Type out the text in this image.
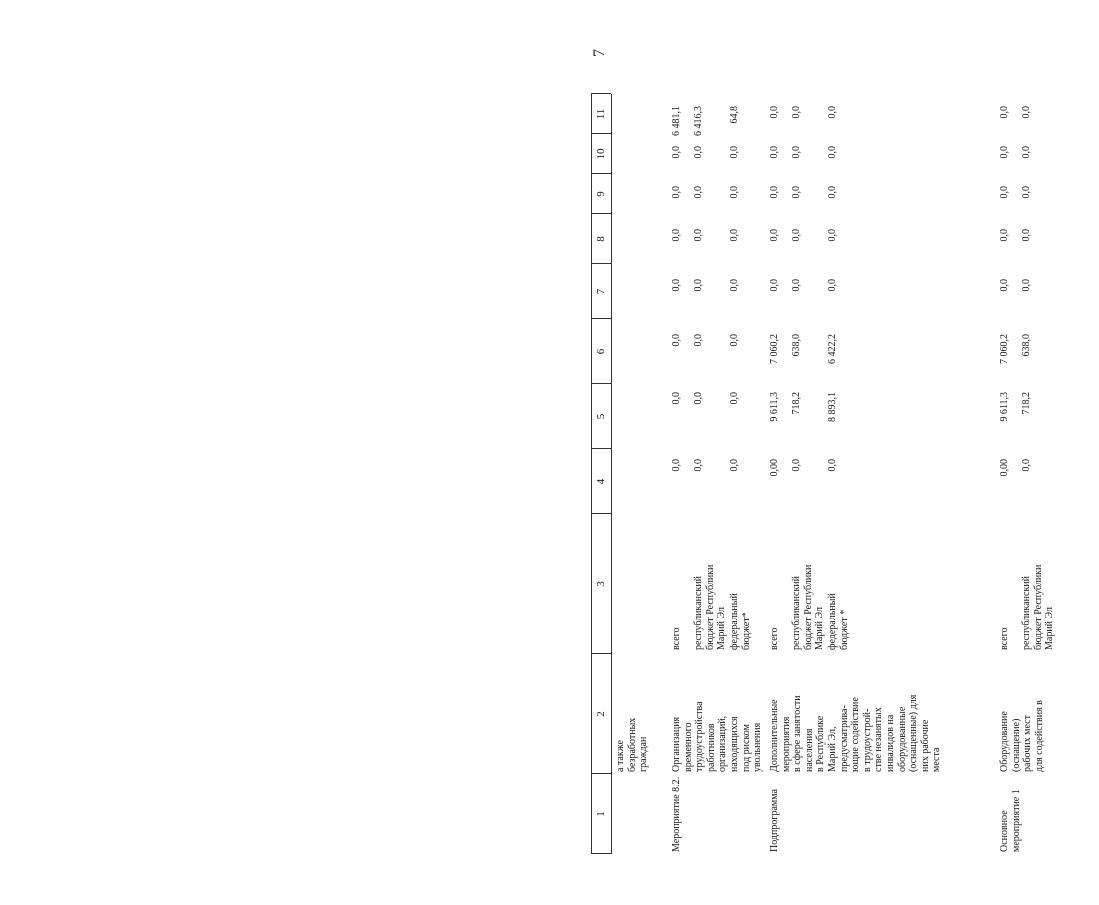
7
1
2
3
4
5
6
7
8
9
10
11
а также
безработных
граждан
Мероприятие 8.2.
Организация
временного
трудоустройства
работников
организаций,
находящихся
под риском
увольнения
всего
0,0
0,0
0,0
0,0
0,0
0,0
0,0
6 481,1
республиканский
бюджет Республики
Марий Эл
0,0
0,0
0,0
0,0
0,0
0,0
0,0
6 416,3
федеральный
бюджет*
0,0
0,0
0,0
0,0
0,0
0,0
0,0
64,8
Подпрограмма
Дополнительные
мероприятия
в сфере занятости
населения
в Республике
Марий Эл,
предусматрива-
ющие содействие
в трудоустрой-
стве незанятых
инвалидов на
оборудованные
(оснащенные) для
них рабочие
места
всего
0,00
9 611,3
7 060,2
0,0
0,0
0,0
0,0
0,0
республиканский
бюджет Республики
Марий Эл
0,0
718,2
638,0
0,0
0,0
0,0
0,0
0,0
федеральный
бюджет *
0,0
8 893,1
6 422,2
0,0
0,0
0,0
0,0
0,0
Основное
мероприятие 1
Оборудование
(оснащение)
рабочих мест
для содействия в
всего
0,00
9 611,3
7 060,2
0,0
0,0
0,0
0,0
0,0
республиканский
бюджет Республики
Марий Эл
0,0
718,2
638,0
0,0
0,0
0,0
0,0
0,0
